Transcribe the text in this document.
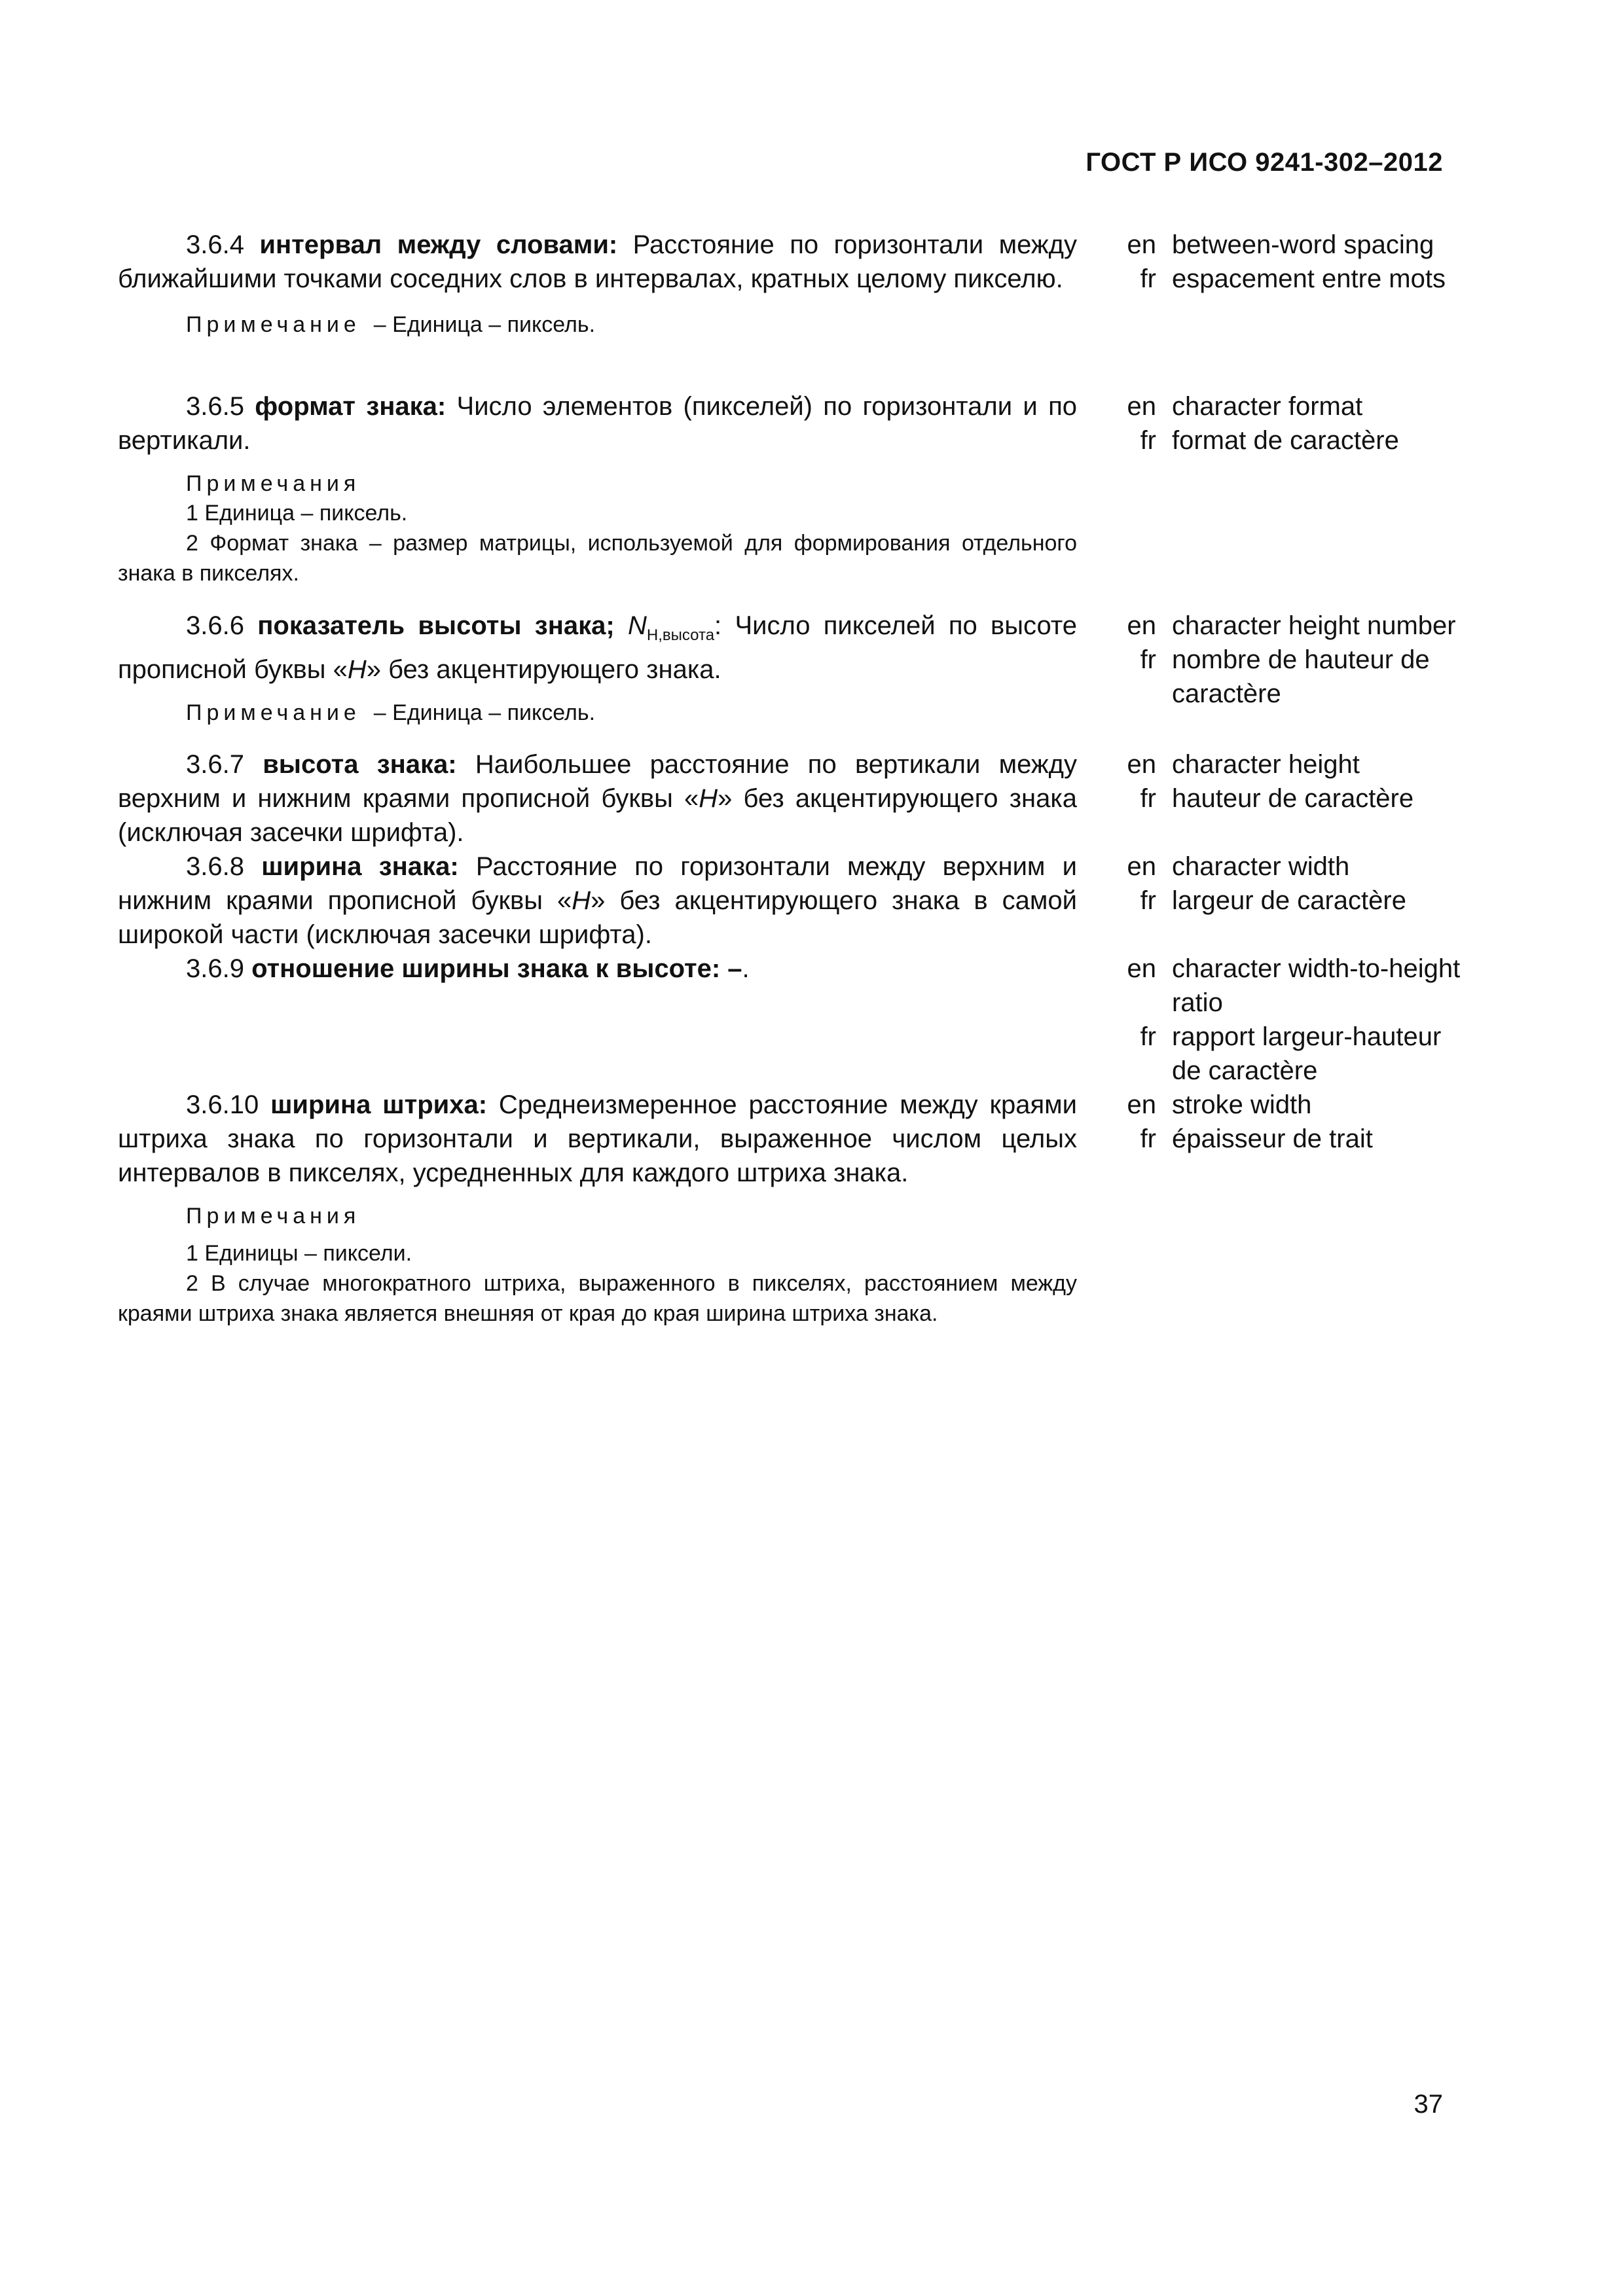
ГОСТ Р ИСО 9241-302–2012

3.6.4 интервал между словами: Расстояние по горизонтали между ближайшими точками соседних слов в интервалах, кратных целому пикселю.

Примечание – Единица – пиксель.
en between-word spacing
fr espacement entre mots

3.6.5 формат знака: Число элементов (пикселей) по горизонтали и по вертикали.

Примечания

1 Единица – пиксель.

2 Формат знака – размер матрицы, используемой для формирования отдельного знака в пикселях.

en character format
fr format de caractère

3.6.6 показатель высоты знака; $N_{H,высота}$: Число пикселей по высоте прописной буквы «H» без акцентирующего знака.

Примечание – Единица – пиксель.
en character height number
fr nombre de hauteur de caractère

3.6.7 высота знака: Наибольшее расстояние по вертикали между верхним и нижним краями прописной буквы «H» без акцентирующего знака (исключая засечки шрифта).

en character height
fr hauteur de caractère

3.6.8 ширина знака: Расстояние по горизонтали между верхним и нижним краями прописной буквы «H» без акцентирующего знака в самой широкой части (исключая засечки шрифта).

en character width
fr largeur de caractère

3.6.9 отношение ширины знака к высоте: –.	en character width-to-height ratio
fr rapport largeur-hauteur de caractère

3.6.10 ширина штриха: Среднеизмеренное расстояние между краями штриха знака по горизонтали и вертикали, выраженное числом целых интервалов в пикселях, усредненных для каждого штриха знака.

Примечания

1 Единицы – пиксели.

2 В случае многократного штриха, выраженного в пикселях, расстоянием между краями штриха знака является внешняя от края до края ширина штриха знака.

en stroke width
fr épaisseur de trait
37
